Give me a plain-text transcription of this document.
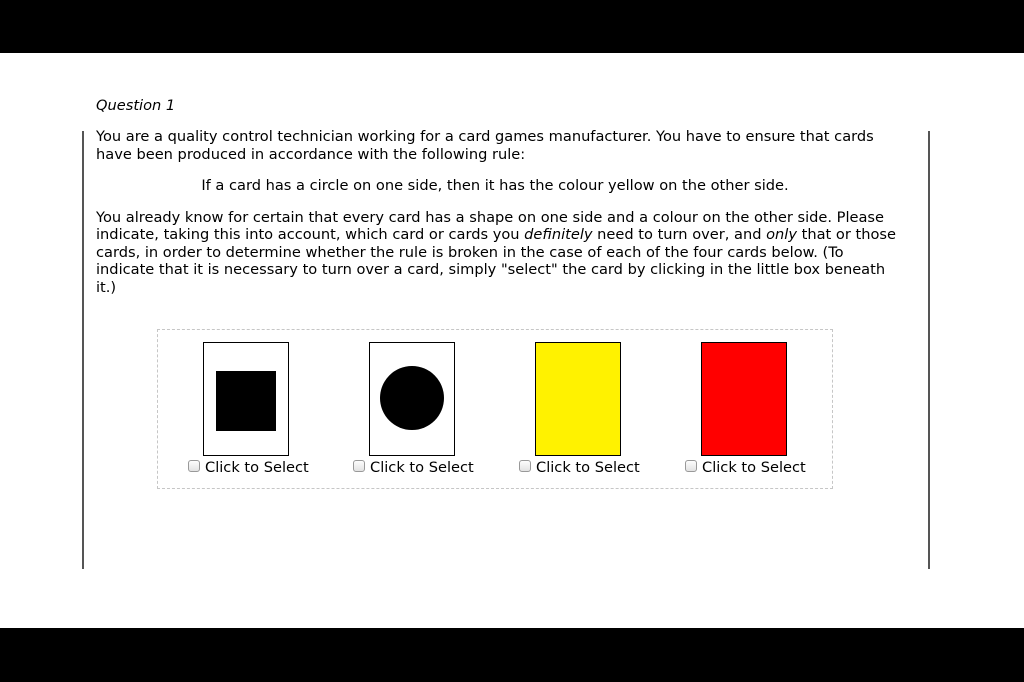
Question 1

You are a quality control technician working for a card games manufacturer. You have to ensure that cards have been produced in accordance with the following rule:

If a card has a circle on one side, then it has the colour yellow on the other side.

You already know for certain that every card has a shape on one side and a colour on the other side. Please indicate, taking this into account, which card or cards you definitely need to turn over, and only that or those cards, in order to determine whether the rule is broken in the case of each of the four cards below. (To indicate that it is necessary to turn over a card, simply "select" the card by clicking in the little box beneath it.)

Click to Select	Click to Select	Click to Select	Click to Select
